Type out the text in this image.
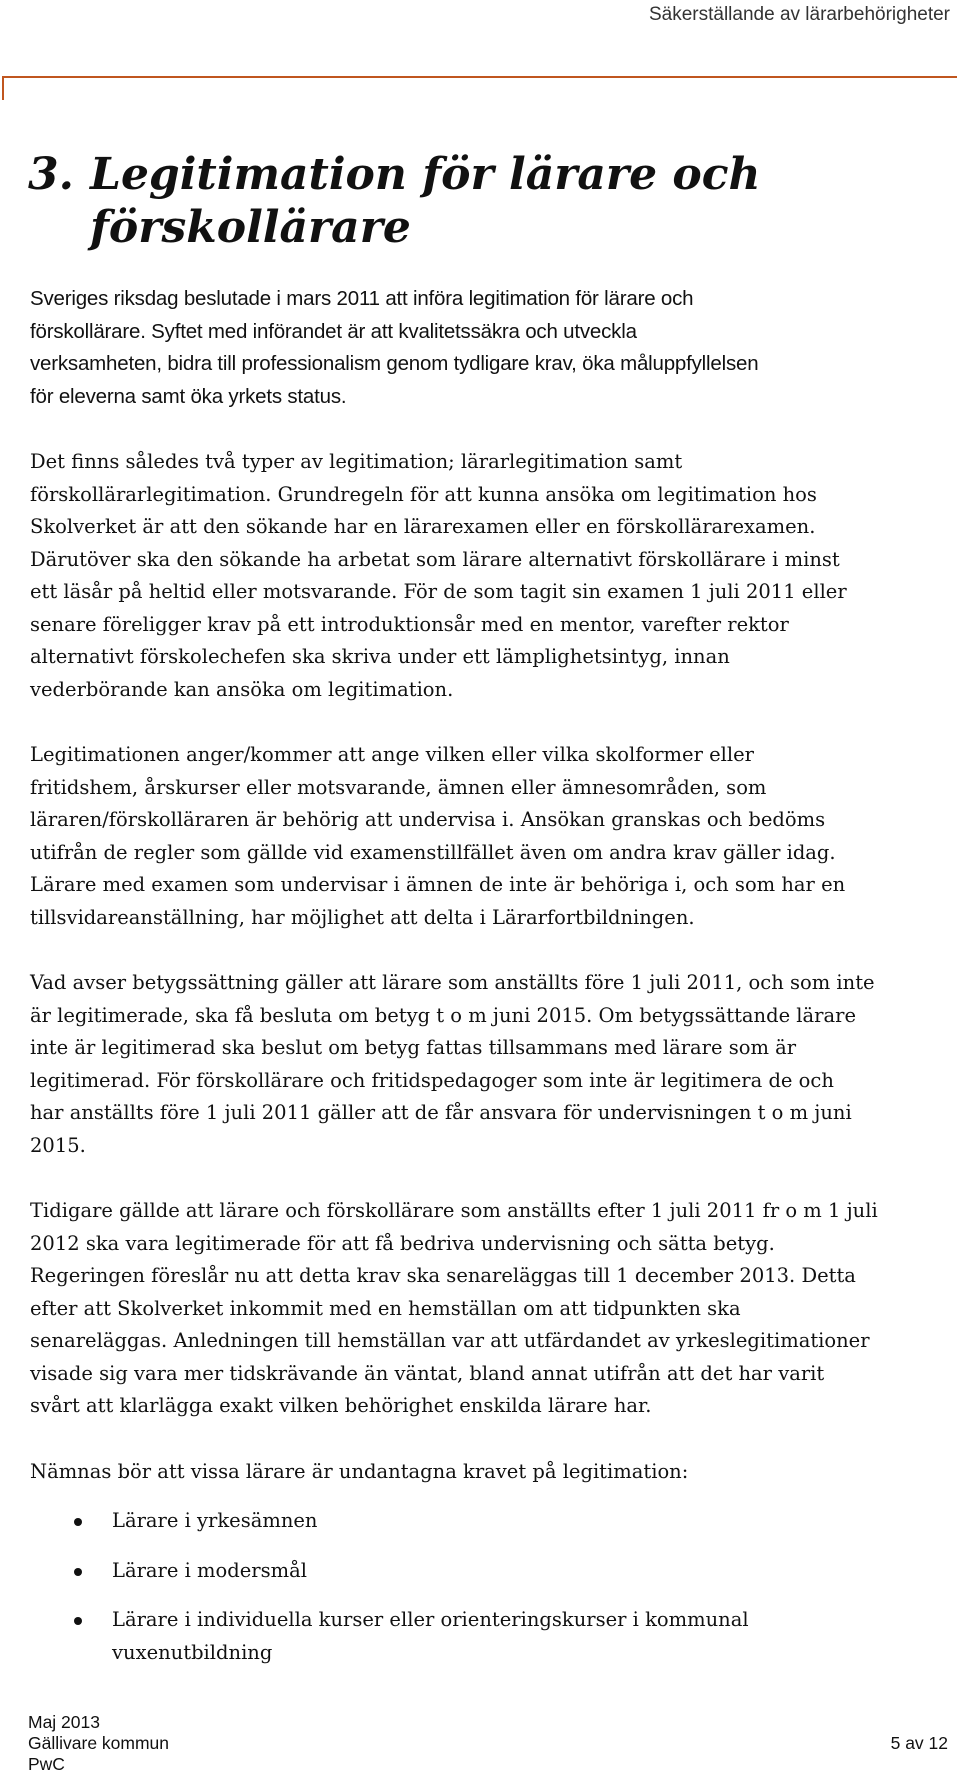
Säkerställande av lärarbehörigheter
3. Legitimation för lärare och
förskollärare

Sveriges riksdag beslutade i mars 2011 att införa legitimation för lärare och
förskollärare. Syftet med införandet är att kvalitetssäkra och utveckla
verksamheten, bidra till professionalism genom tydligare krav, öka måluppfyllelsen
för eleverna samt öka yrkets status.

Det finns således två typer av legitimation; lärarlegitimation samt
förskollärarlegitimation. Grundregeln för att kunna ansöka om legitimation hos
Skolverket är att den sökande har en lärarexamen eller en förskollärarexamen.
Därutöver ska den sökande ha arbetat som lärare alternativt förskollärare i minst
ett läsår på heltid eller motsvarande. För de som tagit sin examen 1 juli 2011 eller
senare föreligger krav på ett introduktionsår med en mentor, varefter rektor
alternativt förskolechefen ska skriva under ett lämplighetsintyg, innan
vederbörande kan ansöka om legitimation.

Legitimationen anger/kommer att ange vilken eller vilka skolformer eller
fritidshem, årskurser eller motsvarande, ämnen eller ämnesområden, som
läraren/förskolläraren är behörig att undervisa i. Ansökan granskas och bedöms
utifrån de regler som gällde vid examenstillfället även om andra krav gäller idag.
Lärare med examen som undervisar i ämnen de inte är behöriga i, och som har en
tillsvidareanställning, har möjlighet att delta i Lärarfortbildningen.

Vad avser betygssättning gäller att lärare som anställts före 1 juli 2011, och som inte
är legitimerade, ska få besluta om betyg t o m juni 2015. Om betygssättande lärare
inte är legitimerad ska beslut om betyg fattas tillsammans med lärare som är
legitimerad. För förskollärare och fritidspedagoger som inte är legitimera de och
har anställts före 1 juli 2011 gäller att de får ansvara för undervisningen t o m juni
2015.

Tidigare gällde att lärare och förskollärare som anställts efter 1 juli 2011 fr o m 1 juli
2012 ska vara legitimerade för att få bedriva undervisning och sätta betyg.
Regeringen föreslår nu att detta krav ska senareläggas till 1 december 2013. Detta
efter att Skolverket inkommit med en hemställan om att tidpunkten ska
senareläggas. Anledningen till hemställan var att utfärdandet av yrkeslegitimationer
visade sig vara mer tidskrävande än väntat, bland annat utifrån att det har varit
svårt att klarlägga exakt vilken behörighet enskilda lärare har.

Nämnas bör att vissa lärare är undantagna kravet på legitimation:

Lärare i yrkesämnen
Lärare i modersmål
Lärare i individuella kurser eller orienteringskurser i kommunal
vuxenutbildning
Maj 2013
Gällivare kommun
PwC
5 av 12
